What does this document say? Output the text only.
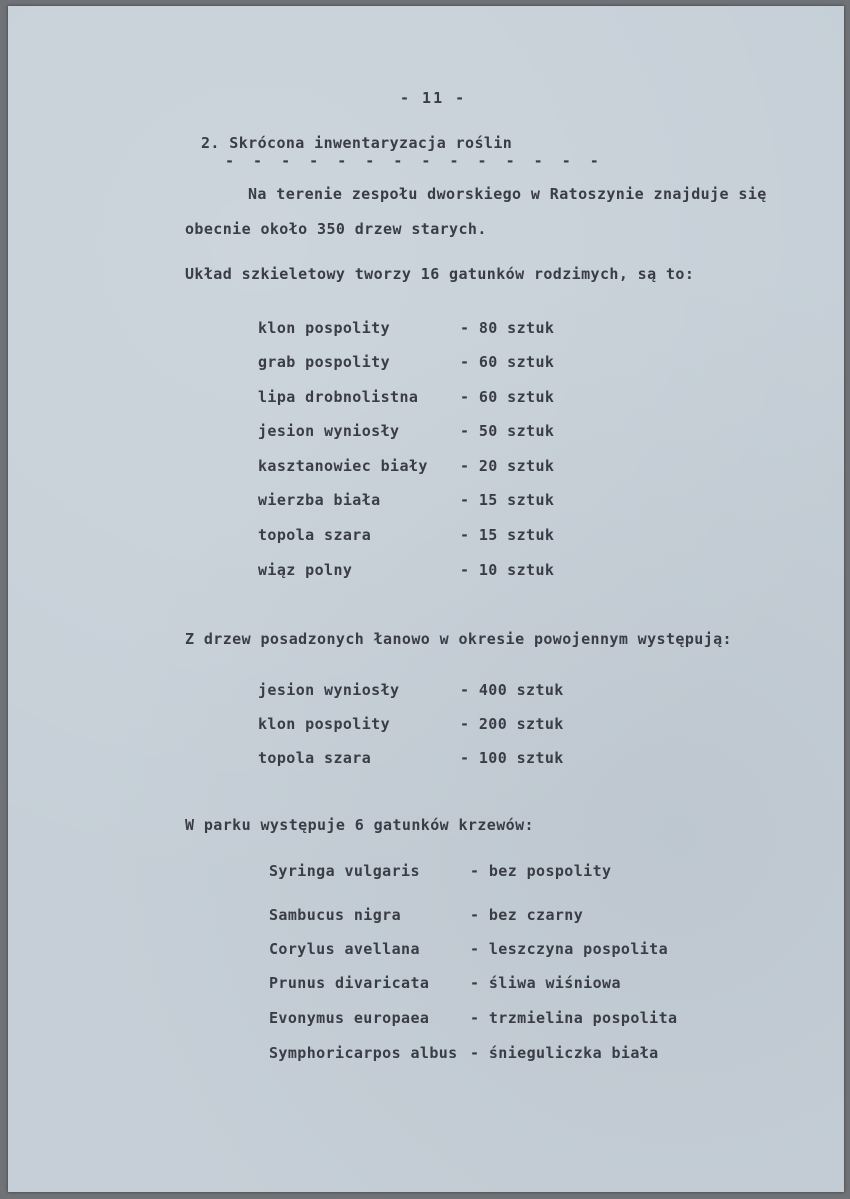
- 11 -
2. Skrócona inwentaryzacja roślin
- - - - - - - - - - - - - -
Na terenie zespołu dworskiego w Ratoszynie znajduje się
obecnie około 350 drzew starych.
Układ szkieletowy tworzy 16 gatunków rodzimych, są to:
klon pospolity	- 80 sztuk
grab pospolity	- 60 sztuk
lipa drobnolistna	- 60 sztuk
jesion wyniosły	- 50 sztuk
kasztanowiec biały - 20 sztuk
wierzba biała	- 15 sztuk
topola szara	- 15 sztuk
wiąz polny	- 10 sztuk
Z drzew posadzonych łanowo w okresie powojennym występują:
jesion wyniosły	- 400 sztuk
klon pospolity	- 200 sztuk
topola szara	- 100 sztuk
W parku występuje 6 gatunków krzewów:
Syringa vulgaris	- bez pospolity
Sambucus nigra	- bez czarny
Corylus avellana	- leszczyna pospolita
Prunus divaricata	- śliwa wiśniowa
Evonymus europaea	- trzmielina pospolita
Symphoricarpos albus - śnieguliczka biała
